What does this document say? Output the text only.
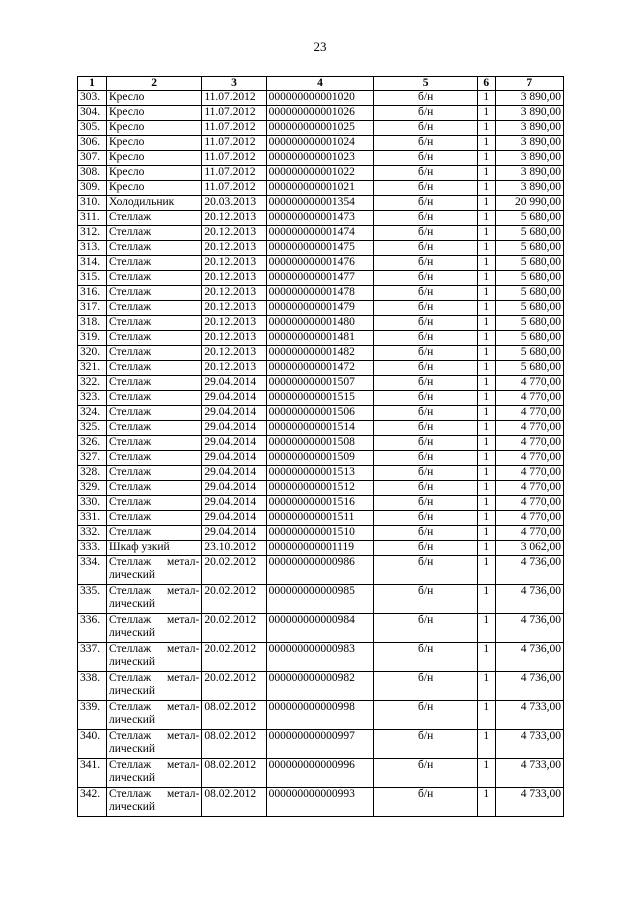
23
1	2	3	4	5	6	7
303.	Кресло	11.07.2012	000000000001020	б/н	1	3 890,00
304.	Кресло	11.07.2012	000000000001026	б/н	1	3 890,00
305.	Кресло	11.07.2012	000000000001025	б/н	1	3 890,00
306.	Кресло	11.07.2012	000000000001024	б/н	1	3 890,00
307.	Кресло	11.07.2012	000000000001023	б/н	1	3 890,00
308.	Кресло	11.07.2012	000000000001022	б/н	1	3 890,00
309.	Кресло	11.07.2012	000000000001021	б/н	1	3 890,00
310.	Холодильник	20.03.2013	000000000001354	б/н	1	20 990,00
311.	Стеллаж	20.12.2013	000000000001473	б/н	1	5 680,00
312.	Стеллаж	20.12.2013	000000000001474	б/н	1	5 680,00
313.	Стеллаж	20.12.2013	000000000001475	б/н	1	5 680,00
314.	Стеллаж	20.12.2013	000000000001476	б/н	1	5 680,00
315.	Стеллаж	20.12.2013	000000000001477	б/н	1	5 680,00
316.	Стеллаж	20.12.2013	000000000001478	б/н	1	5 680,00
317.	Стеллаж	20.12.2013	000000000001479	б/н	1	5 680,00
318.	Стеллаж	20.12.2013	000000000001480	б/н	1	5 680,00
319.	Стеллаж	20.12.2013	000000000001481	б/н	1	5 680,00
320.	Стеллаж	20.12.2013	000000000001482	б/н	1	5 680,00
321.	Стеллаж	20.12.2013	000000000001472	б/н	1	5 680,00
322.	Стеллаж	29.04.2014	000000000001507	б/н	1	4 770,00
323.	Стеллаж	29.04.2014	000000000001515	б/н	1	4 770,00
324.	Стеллаж	29.04.2014	000000000001506	б/н	1	4 770,00
325.	Стеллаж	29.04.2014	000000000001514	б/н	1	4 770,00
326.	Стеллаж	29.04.2014	000000000001508	б/н	1	4 770,00
327.	Стеллаж	29.04.2014	000000000001509	б/н	1	4 770,00
328.	Стеллаж	29.04.2014	000000000001513	б/н	1	4 770,00
329.	Стеллаж	29.04.2014	000000000001512	б/н	1	4 770,00
330.	Стеллаж	29.04.2014	000000000001516	б/н	1	4 770,00
331.	Стеллаж	29.04.2014	000000000001511	б/н	1	4 770,00
332.	Стеллаж	29.04.2014	000000000001510	б/н	1	4 770,00
333.	Шкаф узкий	23.10.2012	000000000001119	б/н	1	3 062,00
334.	Стеллаж метал-
лический	20.02.2012	000000000000986	б/н	1	4 736,00
335.	Стеллаж метал-
лический	20.02.2012	000000000000985	б/н	1	4 736,00
336.	Стеллаж метал-
лический	20.02.2012	000000000000984	б/н	1	4 736,00
337.	Стеллаж метал-
лический	20.02.2012	000000000000983	б/н	1	4 736,00
338.	Стеллаж метал-
лический	20.02.2012	000000000000982	б/н	1	4 736,00
339.	Стеллаж метал-
лический	08.02.2012	000000000000998	б/н	1	4 733,00
340.	Стеллаж метал-
лический	08.02.2012	000000000000997	б/н	1	4 733,00
341.	Стеллаж метал-
лический	08.02.2012	000000000000996	б/н	1	4 733,00
342.	Стеллаж метал-
лический	08.02.2012	000000000000993	б/н	1	4 733,00
